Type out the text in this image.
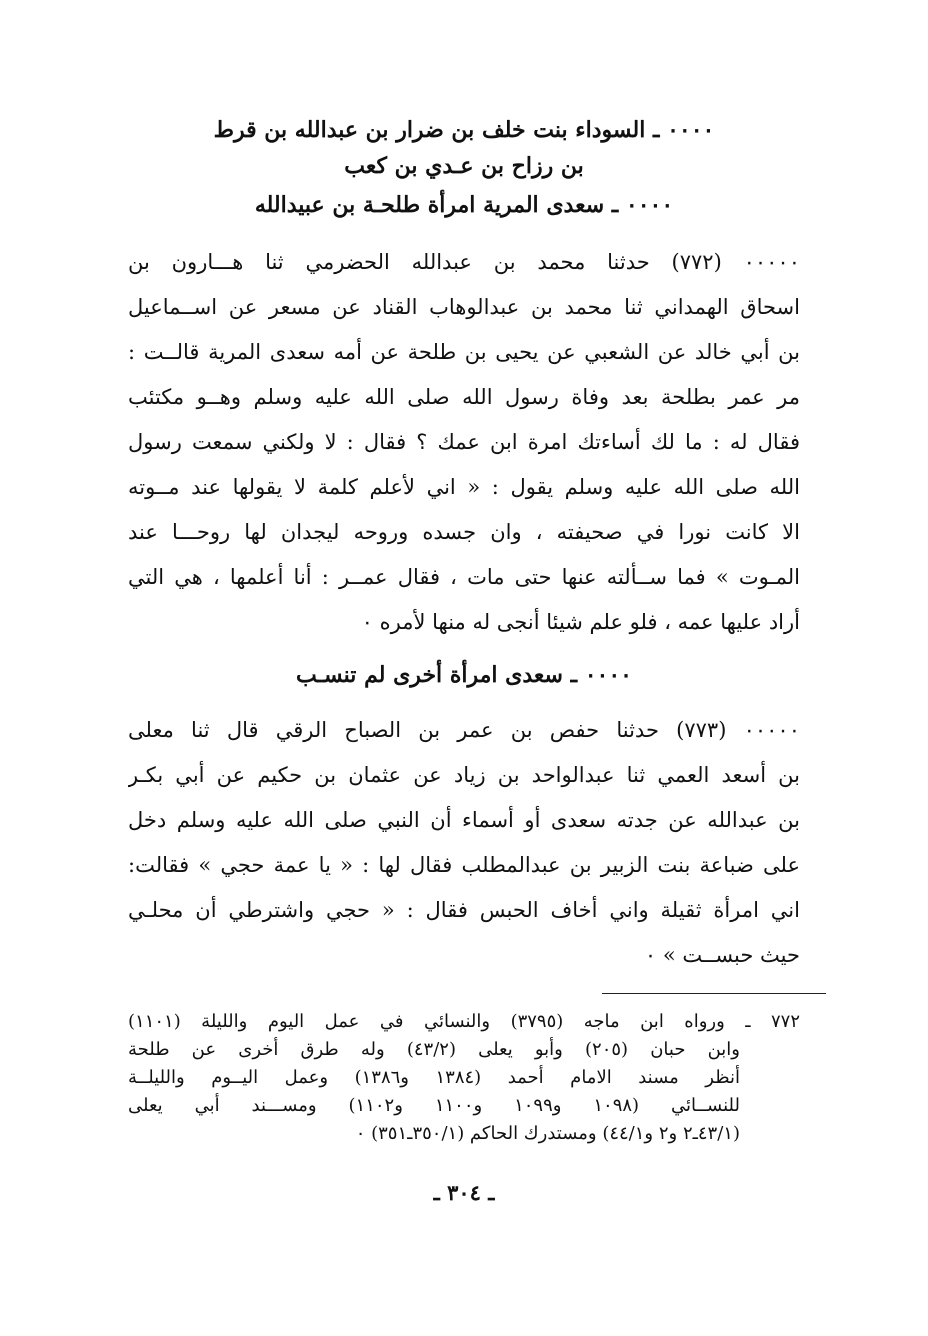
٠٠٠٠ ـ السوداء بنت خلف بن ضرار بن عبدالله بن قرط
بن رزاح بن عـدي بن كعب
٠٠٠٠ ـ سعدى المرية امرأة طلحـة بن عبيدالله
٠٠٠٠٠ (٧٧٢) حدثنا محمد بن عبدالله الحضرمي ثنا هـــارون بن
اسحاق الهمداني ثنا محمد بن عبدالوهاب القناد عن مسعر عن اســماعيل
بن أبي خالد عن الشعبي عن يحيى بن طلحة عن أمه سعدى المرية قالــت :
مر عمر بطلحة بعد وفاة رسول الله صلى الله عليه وسلم وهــو مكتئب
فقال له : ما لك أساءتك امرة ابن عمك ؟ فقال : لا ولكني سمعت رسول
الله صلى الله عليه وسلم يقول : « اني لأعلم كلمة لا يقولها عند مــوته
الا كانت نورا في صحيفته ، وان جسده وروحه ليجدان لها روحـــا عند
المـوت » فما ســألته عنها حتى مات ، فقال عمــر : أنا أعلمها ، هي التي
أراد عليها عمه ، فلو علم شيئا أنجى له منها لأمره ٠
٠٠٠٠ ـ سعدى امرأة أخرى لم تنسـب
٠٠٠٠٠ (٧٧٣) حدثنا حفص بن عمر بن الصباح الرقي قال ثنا معلى
بن أسعد العمي ثنا عبدالواحد بن زياد عن عثمان بن حكيم عن أبي بكـر
بن عبدالله عن جدته سعدى أو أسماء أن النبي صلى الله عليه وسلم دخل
على ضباعة بنت الزبير بن عبدالمطلب فقال لها : « يا عمة حجي » فقالت:
اني امرأة ثقيلة واني أخاف الحبس فقال : « حجي واشترطي أن محلـي
حيث حبســت » ٠
٧٧٢ ـ ورواه ابن ماجه (٣٧٩٥) والنسائي في عمل اليوم والليلة (١١٠١)
وابن حبان (٢٠٥) وأبو يعلى (٤٣/٢) وله طرق أخرى عن طلحة
أنظر مسند الامام أحمد (١٣٨٤ و١٣٨٦) وعمل اليــوم والليلــة
للنســائي (١٠٩٨ و١٠٩٩ و١١٠٠ و١١٠٢) ومســـند أبي يعلى
(٤٣/١ـ٢ و٢ و٤٤/١) ومستدرك الحاكم (٣٥٠/١ـ٣٥١) ٠
ـ ٣٠٤ ـ
